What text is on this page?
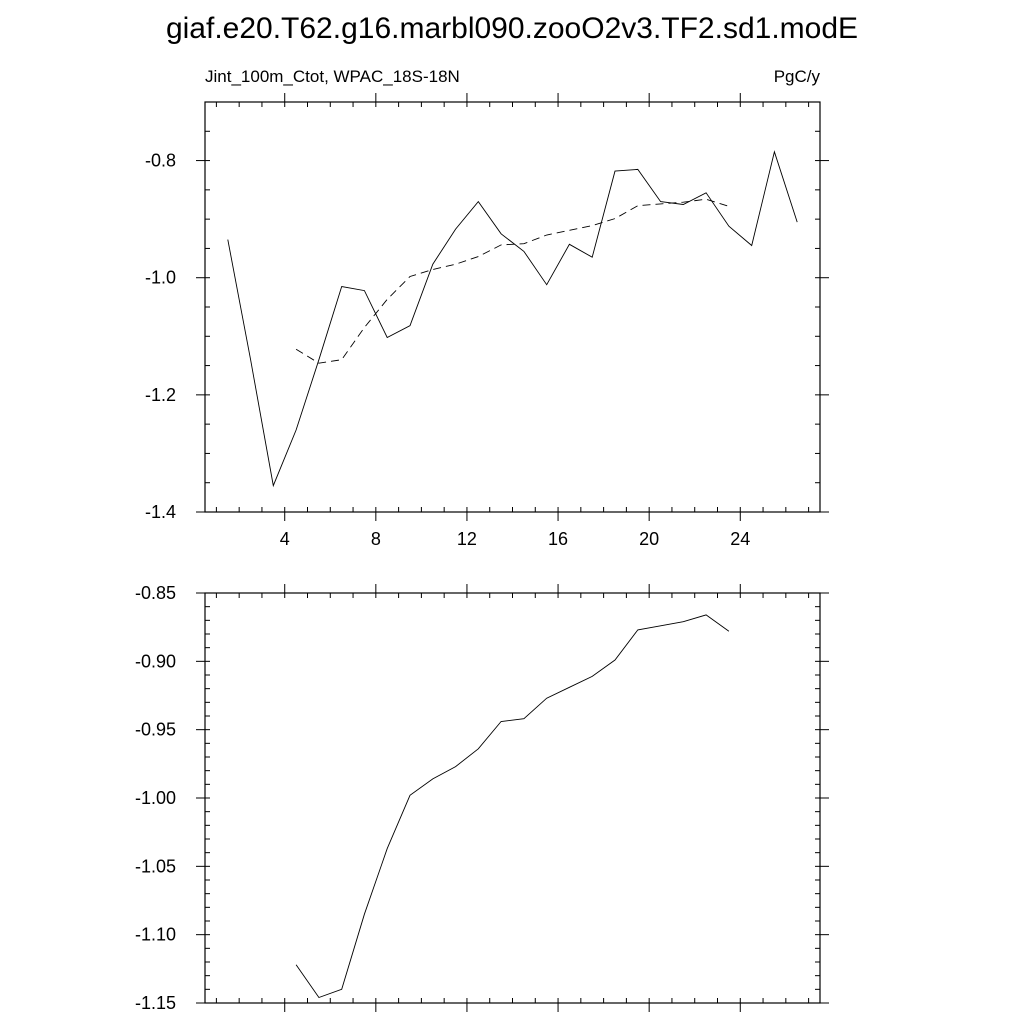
giaf.e20.T62.g16.marbl090.zooO2v3.TF2.sd1.modE
Jint_100m_Ctot, WPAC_18S-18N	PgC/y
4	8	12	16	20	24
-1.4
-1.2
-1.0
-0.8
-1.15
-1.10
-1.05
-1.00
-0.95
-0.90
-0.85
